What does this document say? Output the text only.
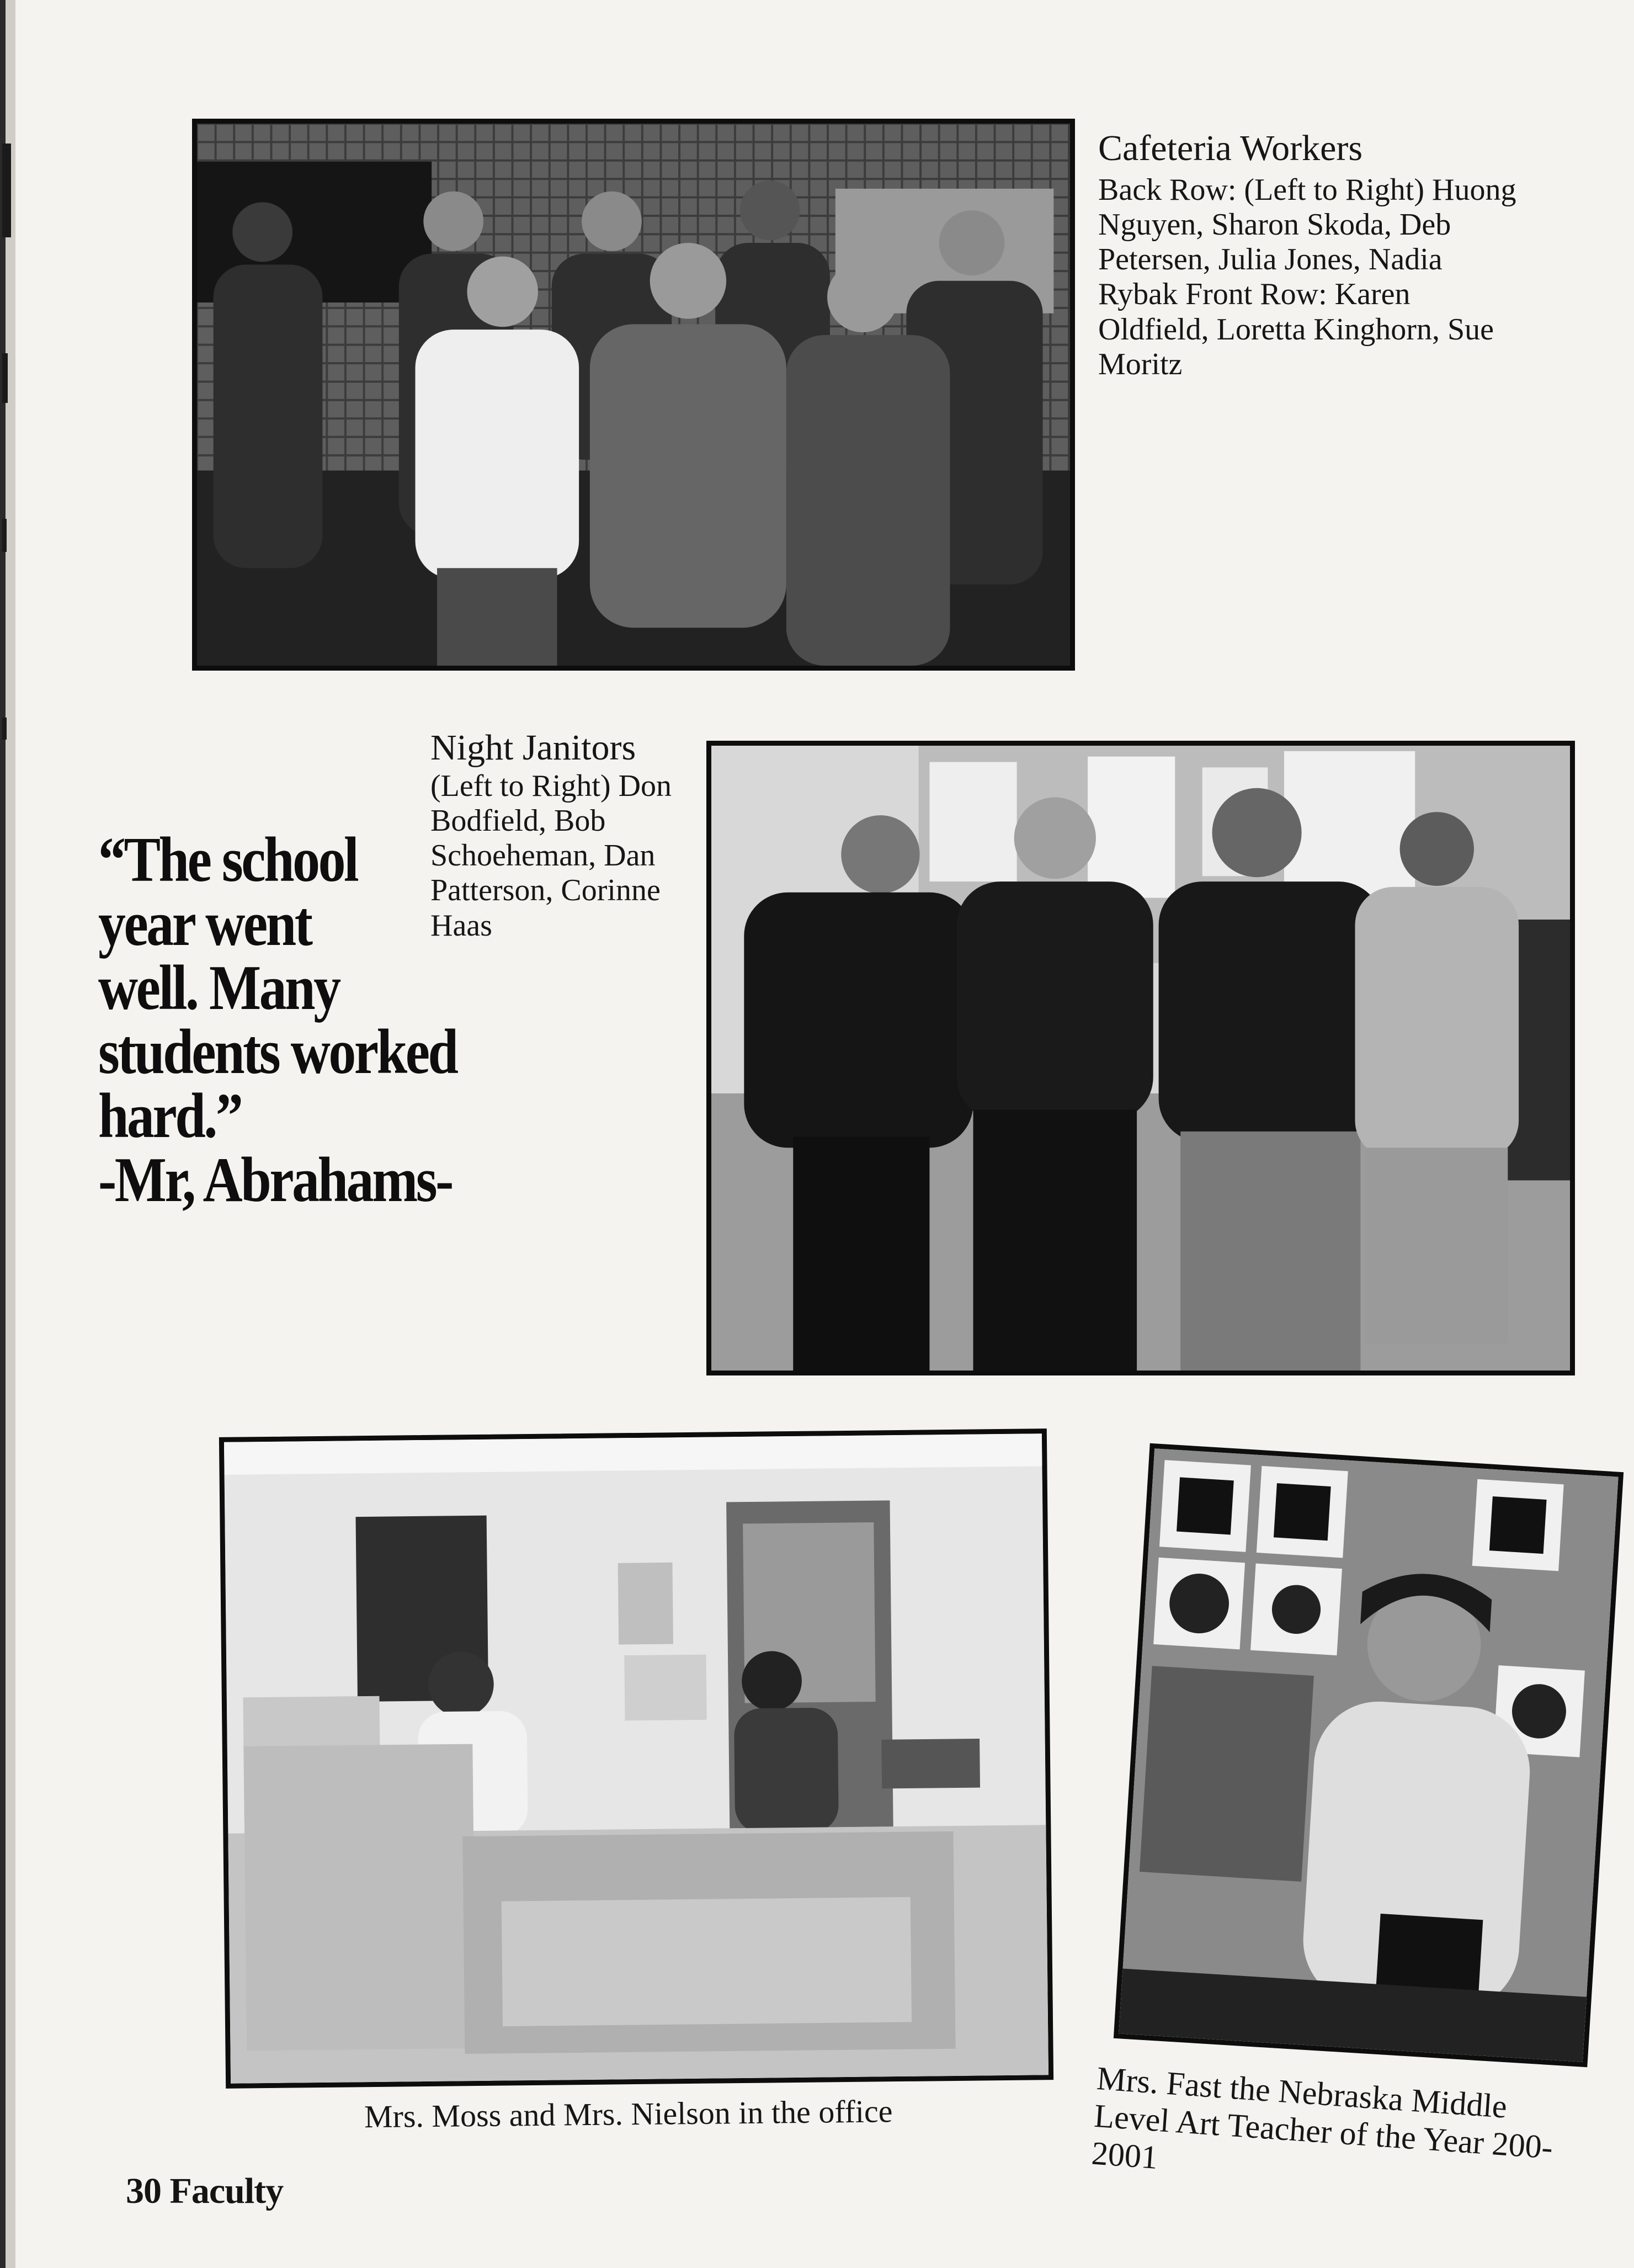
Cafeteria Workers
Back Row: (Left to Right) Huong Nguyen, Sharon Skoda, Deb Petersen, Julia Jones, Nadia Rybak Front Row: Karen Oldfield, Loretta Kinghorn, Sue Moritz
Night Janitors
(Left to Right) Don Bodfield, Bob Schoeheman, Dan Patterson, Corinne Haas
“The school
year went
well. Many
students worked
hard.”
-Mr, Abrahams-
Mrs. Moss and Mrs. Nielson in the office	Mrs. Fast the Nebraska Middle Level Art Teacher of the Year 200-2001
30 Faculty
